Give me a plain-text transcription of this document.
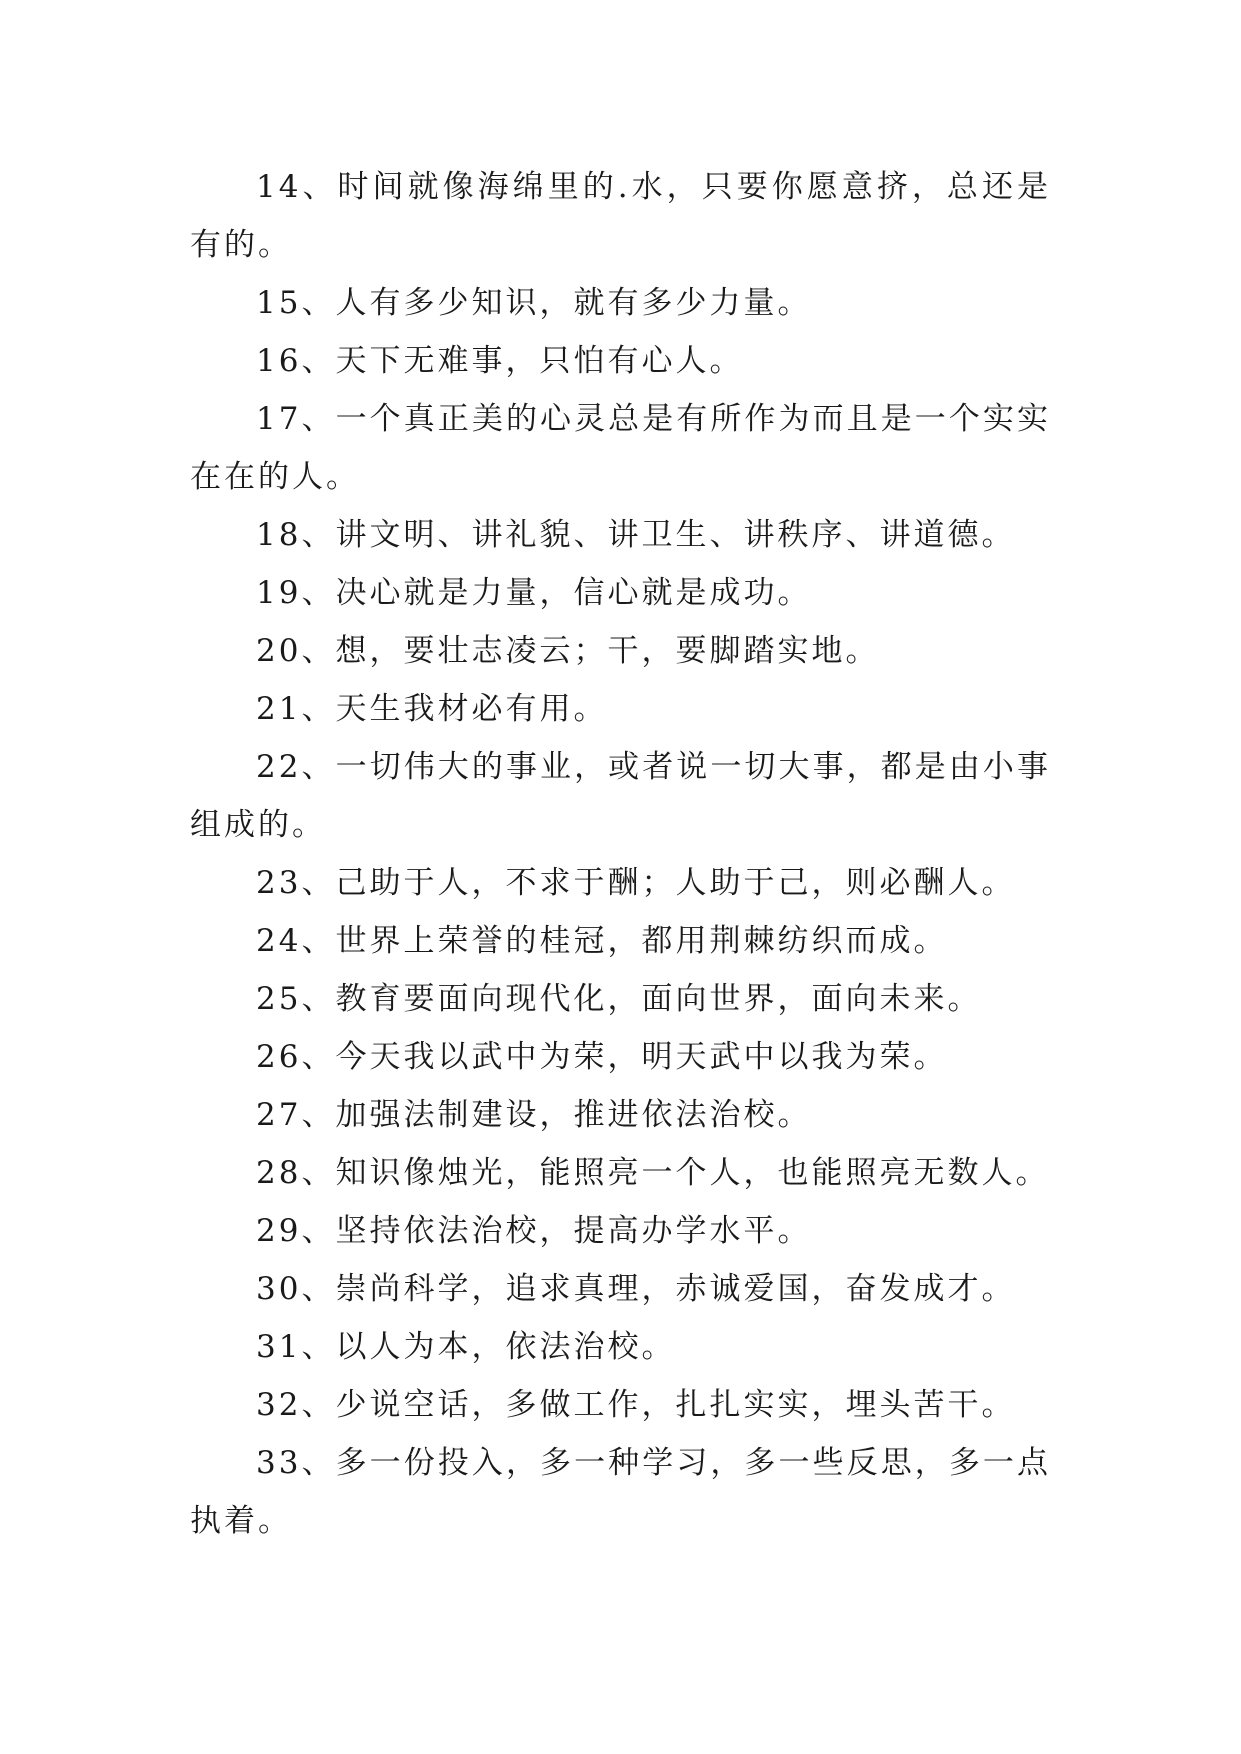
14、时间就像海绵里的.水，只要你愿意挤，总还是有的。

15、人有多少知识，就有多少力量。

16、天下无难事，只怕有心人。

17、一个真正美的心灵总是有所作为而且是一个实实在在的人。

18、讲文明、讲礼貌、讲卫生、讲秩序、讲道德。

19、决心就是力量，信心就是成功。

20、想，要壮志凌云；干，要脚踏实地。

21、天生我材必有用。

22、一切伟大的事业，或者说一切大事，都是由小事组成的。

23、己助于人，不求于酬；人助于己，则必酬人。

24、世界上荣誉的桂冠，都用荆棘纺织而成。

25、教育要面向现代化，面向世界，面向未来。

26、今天我以武中为荣，明天武中以我为荣。

27、加强法制建设，推进依法治校。

28、知识像烛光，能照亮一个人，也能照亮无数人。

29、坚持依法治校，提高办学水平。

30、崇尚科学，追求真理，赤诚爱国，奋发成才。

31、以人为本，依法治校。

32、少说空话，多做工作，扎扎实实，埋头苦干。

33、多一份投入，多一种学习，多一些反思，多一点执着。
